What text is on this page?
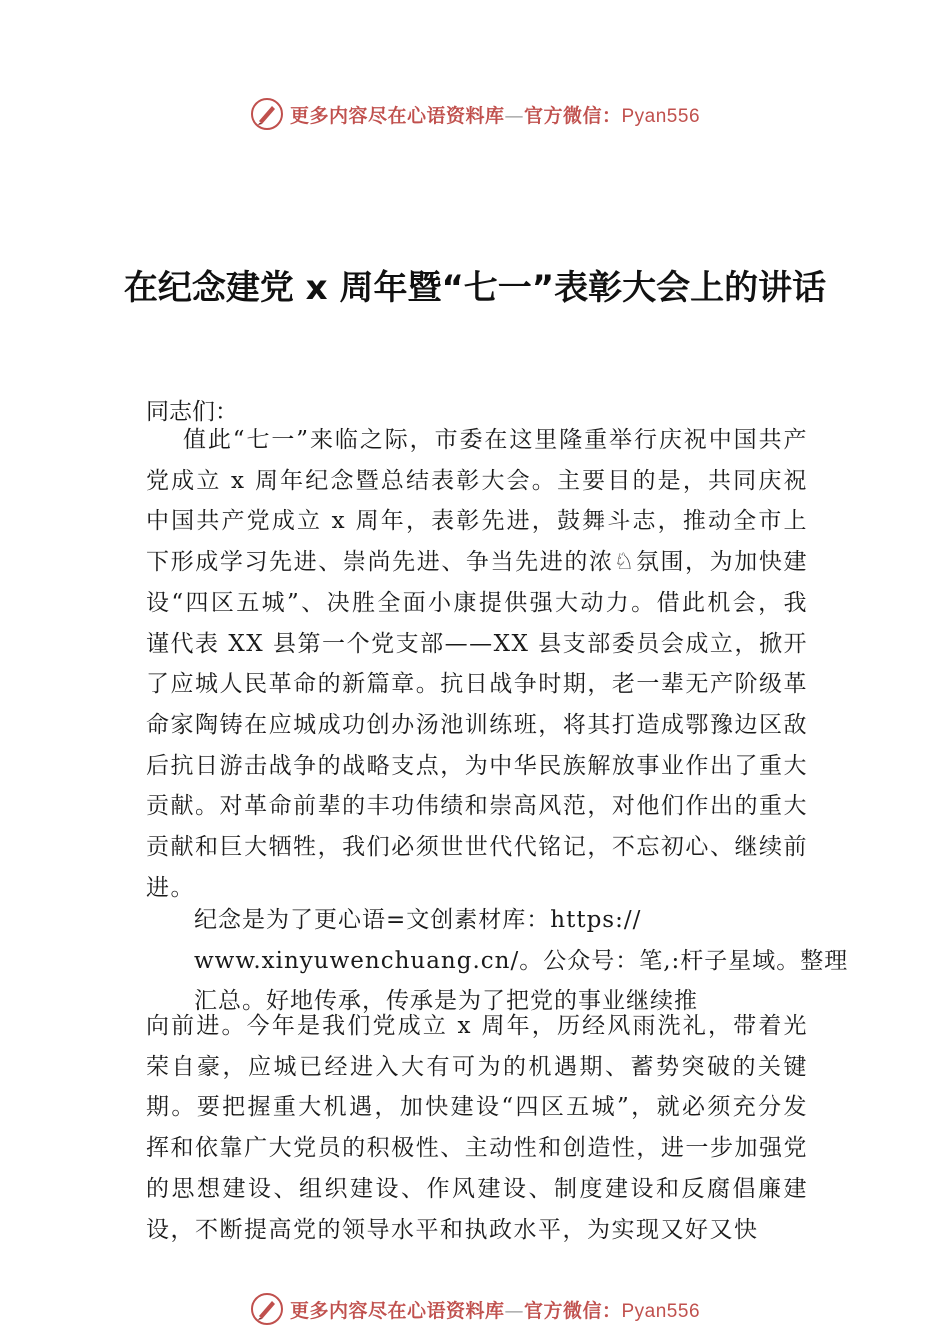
更多内容尽在心语资料库—官方微信：Pyan556
在纪念建党 x 周年暨“七一”表彰大会上的讲话
同志们：
值此“七一”来临之际，市委在这里隆重举行庆祝中国共产党成立 x 周年纪念暨总结表彰大会。主要目的是，共同庆祝中国共产党成立 x 周年，表彰先进，鼓舞斗志，推动全市上下形成学习先进、崇尚先进、争当先进的浓♘氛围，为加快建设“四区五城”、决胜全面小康提供强大动力。借此机会，我谨代表 XX 县第一个党支部——XX 县支部委员会成立，掀开了应城人民革命的新篇章。抗日战争时期，老一辈无产阶级革命家陶铸在应城成功创办汤池训练班，将其打造成鄂豫边区敌后抗日游击战争的战略支点，为中华民族解放事业作出了重大贡献。对革命前辈的丰功伟绩和崇高风范，对他们作出的重大贡献和巨大牺牲，我们必须世世代代铭记，不忘初心、继续前进。
纪念是为了更心语=文创素材库：https://
www.xinyuwenchuang.cn/。公众号：笔,:杆子星域。整理
汇总。好地传承，传承是为了把党的事业继续推
向前进。今年是我们党成立 x 周年，历经风雨洗礼，带着光荣自豪，应城已经进入大有可为的机遇期、蓄势突破的关键期。要把握重大机遇，加快建设“四区五城”，就必须充分发挥和依靠广大党员的积极性、主动性和创造性，进一步加强党的思想建设、组织建设、作风建设、制度建设和反腐倡廉建设，不断提高党的领导水平和执政水平，为实现又好又快
更多内容尽在心语资料库—官方微信：Pyan556
